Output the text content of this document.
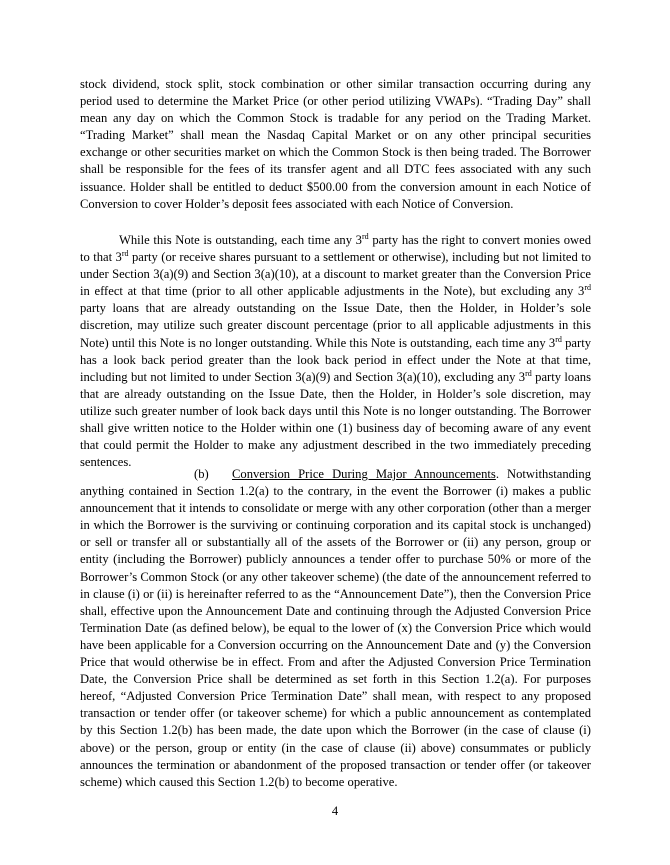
stock dividend, stock split, stock combination or other similar transaction occurring during any period used to determine the Market Price (or other period utilizing VWAPs). “Trading Day” shall mean any day on which the Common Stock is tradable for any period on the Trading Market. “Trading Market” shall mean the Nasdaq Capital Market or on any other principal securities exchange or other securities market on which the Common Stock is then being traded. The Borrower shall be responsible for the fees of its transfer agent and all DTC fees associated with any such issuance. Holder shall be entitled to deduct $500.00 from the conversion amount in each Notice of Conversion to cover Holder’s deposit fees associated with each Notice of Conversion.

While this Note is outstanding, each time any 3rd party has the right to convert monies owed to that 3rd party (or receive shares pursuant to a settlement or otherwise), including but not limited to under Section 3(a)(9) and Section 3(a)(10), at a discount to market greater than the Conversion Price in effect at that time (prior to all other applicable adjustments in the Note), but excluding any 3rd party loans that are already outstanding on the Issue Date, then the Holder, in Holder’s sole discretion, may utilize such greater discount percentage (prior to all applicable adjustments in this Note) until this Note is no longer outstanding. While this Note is outstanding, each time any 3rd party has a look back period greater than the look back period in effect under the Note at that time, including but not limited to under Section 3(a)(9) and Section 3(a)(10), excluding any 3rd party loans that are already outstanding on the Issue Date, then the Holder, in Holder’s sole discretion, may utilize such greater number of look back days until this Note is no longer outstanding. The Borrower shall give written notice to the Holder within one (1) business day of becoming aware of any event that could permit the Holder to make any adjustment described in the two immediately preceding sentences.

(b) Conversion Price During Major Announcements. Notwithstanding anything contained in Section 1.2(a) to the contrary, in the event the Borrower (i) makes a public announcement that it intends to consolidate or merge with any other corporation (other than a merger in which the Borrower is the surviving or continuing corporation and its capital stock is unchanged) or sell or transfer all or substantially all of the assets of the Borrower or (ii) any person, group or entity (including the Borrower) publicly announces a tender offer to purchase 50% or more of the Borrower’s Common Stock (or any other takeover scheme) (the date of the announcement referred to in clause (i) or (ii) is hereinafter referred to as the “Announcement Date”), then the Conversion Price shall, effective upon the Announcement Date and continuing through the Adjusted Conversion Price Termination Date (as defined below), be equal to the lower of (x) the Conversion Price which would have been applicable for a Conversion occurring on the Announcement Date and (y) the Conversion Price that would otherwise be in effect. From and after the Adjusted Conversion Price Termination Date, the Conversion Price shall be determined as set forth in this Section 1.2(a). For purposes hereof, “Adjusted Conversion Price Termination Date” shall mean, with respect to any proposed transaction or tender offer (or takeover scheme) for which a public announcement as contemplated by this Section 1.2(b) has been made, the date upon which the Borrower (in the case of clause (i) above) or the person, group or entity (in the case of clause (ii) above) consummates or publicly announces the termination or abandonment of the proposed transaction or tender offer (or takeover scheme) which caused this Section 1.2(b) to become operative.

4
